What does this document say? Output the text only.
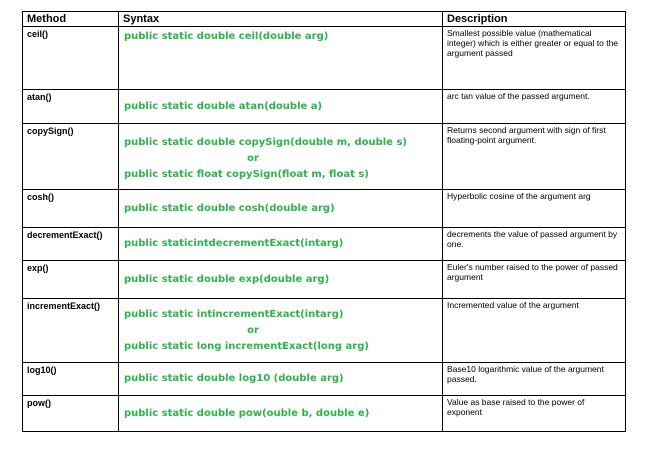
Method	Syntax	Description
ceil()	public static double ceil(double arg)	Smallest possible value (mathematical integer) which is either greater or equal to the argument passed
atan()	public static double atan(double a)	arc tan value of the passed argument.
copySign()	public static double copySign(double m, double s)
or
public static float copySign(float m, float s)	Returns second argument with sign of first floating-point argument.
cosh()	public static double cosh(double arg)	Hyperbolic cosine of the argument arg
decrementExact()	public staticintdecrementExact(intarg)	decrements the value of passed argument by one.
exp()	public static double exp(double arg)	Euler's number raised to the power of passed argument
incrementExact()	public static intincrementExact(intarg)
or
public static long incrementExact(long arg)	Incremented value of the argument
log10()	public static double log10 (double arg)	Base10 logarithmic value of the argument passed.
pow()	public static double pow(ouble b, double e)	Value as base raised to the power of exponent
